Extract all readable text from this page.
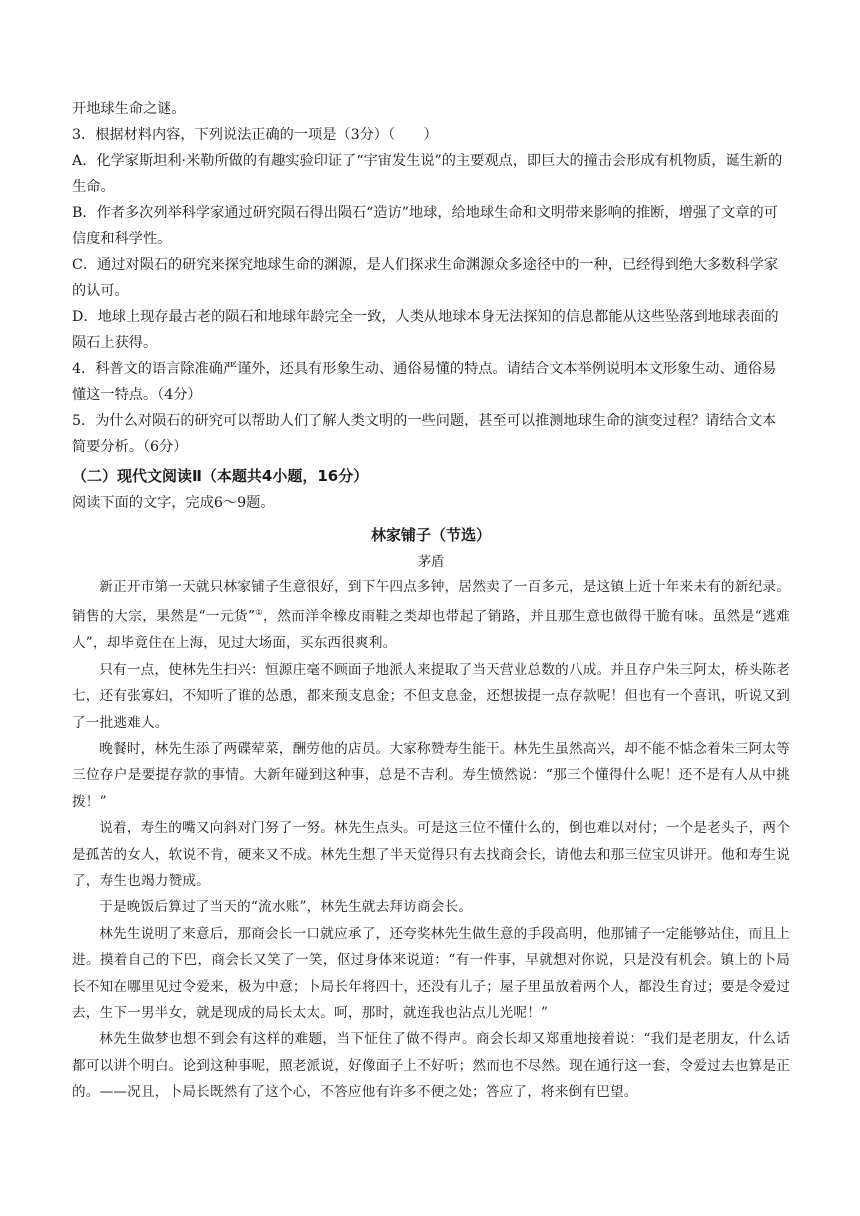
开地球生命之谜。

3．根据材料内容，下列说法正确的一项是（3分）（　　）

A．化学家斯坦利·米勒所做的有趣实验印证了“宇宙发生说”的主要观点，即巨大的撞击会形成有机物质，诞生新的生命。

B．作者多次列举科学家通过研究陨石得出陨石“造访”地球，给地球生命和文明带来影响的推断，增强了文章的可信度和科学性。

C．通过对陨石的研究来探究地球生命的渊源，是人们探求生命渊源众多途径中的一种，已经得到绝大多数科学家的认可。

D．地球上现存最古老的陨石和地球年龄完全一致，人类从地球本身无法探知的信息都能从这些坠落到地球表面的陨石上获得。

4．科普文的语言除准确严谨外，还具有形象生动、通俗易懂的特点。请结合文本举例说明本文形象生动、通俗易懂这一特点。（4分）

5．为什么对陨石的研究可以帮助人们了解人类文明的一些问题，甚至可以推测地球生命的演变过程？请结合文本简要分析。（6分）

（二）现代文阅读Ⅱ（本题共4小题，16分）
阅读下面的文字，完成6～9题。
林家铺子（节选）
茅盾

新正开市第一天就只林家铺子生意很好，到下午四点多钟，居然卖了一百多元，是这镇上近十年来未有的新纪录。销售的大宗，果然是“一元货”①，然而洋伞橡皮雨鞋之类却也带起了销路，并且那生意也做得干脆有味。虽然是“逃难人”，却毕竟住在上海，见过大场面，买东西很爽利。

只有一点，使林先生扫兴：恒源庄毫不顾面子地派人来提取了当天营业总数的八成。并且存户朱三阿太，桥头陈老七，还有张寡妇，不知听了谁的怂恿，都来预支息金；不但支息金，还想拔提一点存款呢！但也有一个喜讯，听说又到了一批逃难人。

晚餐时，林先生添了两碟荤菜，酬劳他的店员。大家称赞寿生能干。林先生虽然高兴，却不能不惦念着朱三阿太等三位存户是要提存款的事情。大新年碰到这种事，总是不吉利。寿生愤然说：“那三个懂得什么呢！还不是有人从中挑拨！”

说着，寿生的嘴又向斜对门努了一努。林先生点头。可是这三位不懂什么的，倒也难以对付；一个是老头子，两个是孤苦的女人，软说不肯，硬来又不成。林先生想了半天觉得只有去找商会长，请他去和那三位宝贝讲开。他和寿生说了，寿生也竭力赞成。

于是晚饭后算过了当天的“流水账”，林先生就去拜访商会长。

林先生说明了来意后，那商会长一口就应承了，还夸奖林先生做生意的手段高明，他那铺子一定能够站住，而且上进。摸着自己的下巴，商会长又笑了一笑，伛过身体来说道：“有一件事，早就想对你说，只是没有机会。镇上的卜局长不知在哪里见过令爱来，极为中意；卜局长年将四十，还没有儿子；屋子里虽放着两个人，都没生育过；要是令爱过去，生下一男半女，就是现成的局长太太。呵，那时，就连我也沾点儿光呢！”

林先生做梦也想不到会有这样的难题，当下怔住了做不得声。商会长却又郑重地接着说：“我们是老朋友，什么话都可以讲个明白。论到这种事呢，照老派说，好像面子上不好听；然而也不尽然。现在通行这一套，令爱过去也算是正的。——况且，卜局长既然有了这个心，不答应他有许多不便之处；答应了，将来倒有巴望。
